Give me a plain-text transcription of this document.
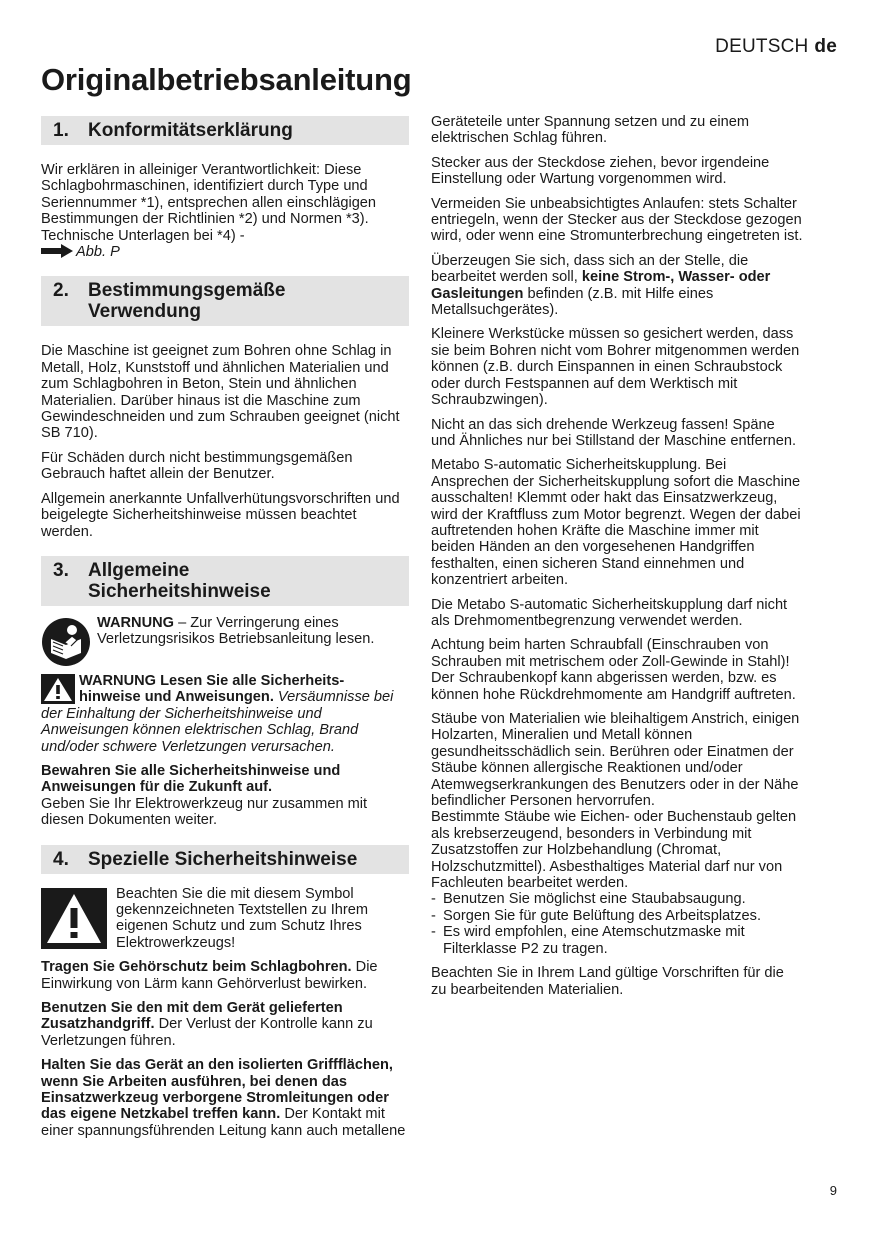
DEUTSCH de
Originalbetriebsanleitung
1.	Konformitätserklärung

Wir erklären in alleiniger Verantwortlichkeit: Diese Schlagbohrmaschinen, identifiziert durch Type und Seriennummer *1), entsprechen allen einschlägigen Bestimmungen der Richtlinien *2) und Normen *3). Technische Unterlagen bei *4) -
Abb. P

2.	Bestimmungsgemäße
Verwendung

Die Maschine ist geeignet zum Bohren ohne Schlag in Metall, Holz, Kunststoff und ähnlichen Materialien und zum Schlagbohren in Beton, Stein und ähnlichen Materialien. Darüber hinaus ist die Maschine zum Gewindeschneiden und zum Schrauben geeignet (nicht SB 710).

Für Schäden durch nicht bestimmungsgemäßen Gebrauch haftet allein der Benutzer.

Allgemein anerkannte Unfallverhütungsvorschriften und beigelegte Sicherheitshinweise müssen beachtet werden.

3.	Allgemeine
Sicherheitshinweise
WARNUNG – Zur Verringerung eines Verletzungsrisikos Betriebsanleitung lesen.

WARNUNG Lesen Sie alle Sicherheits- hinweise und Anweisungen. Versäumnisse bei der Einhaltung der Sicherheitshinweise und Anweisungen können elektrischen Schlag, Brand und/oder schwere Verletzungen verursachen.

Bewahren Sie alle Sicherheitshinweise und Anweisungen für die Zukunft auf.
Geben Sie Ihr Elektrowerkzeug nur zusammen mit diesen Dokumenten weiter.

4.	Spezielle Sicherheitshinweise
Beachten Sie die mit diesem Symbol gekennzeichneten Textstellen zu Ihrem eigenen Schutz und zum Schutz Ihres Elektrowerkzeugs!

Tragen Sie Gehörschutz beim Schlagbohren. Die Einwirkung von Lärm kann Gehörverlust bewirken.

Benutzen Sie den mit dem Gerät gelieferten Zusatzhandgriff. Der Verlust der Kontrolle kann zu Verletzungen führen.

Halten Sie das Gerät an den isolierten Griffflächen, wenn Sie Arbeiten ausführen, bei denen das Einsatzwerkzeug verborgene Stromleitungen oder das eigene Netzkabel treffen kann. Der Kontakt mit einer spannungsführenden Leitung kann auch metallene

Geräteteile unter Spannung setzen und zu einem elektrischen Schlag führen.

Stecker aus der Steckdose ziehen, bevor irgendeine Einstellung oder Wartung vorgenommen wird.

Vermeiden Sie unbeabsichtigtes Anlaufen: stets Schalter entriegeln, wenn der Stecker aus der Steckdose gezogen wird, oder wenn eine Stromunterbrechung eingetreten ist.

Überzeugen Sie sich, dass sich an der Stelle, die bearbeitet werden soll, keine Strom-, Wasser- oder Gasleitungen befinden (z.B. mit Hilfe eines Metallsuchgerätes).

Kleinere Werkstücke müssen so gesichert werden, dass sie beim Bohren nicht vom Bohrer mitgenommen werden können (z.B. durch Einspannen in einen Schraubstock oder durch Festspannen auf dem Werktisch mit Schraubzwingen).

Nicht an das sich drehende Werkzeug fassen! Späne und Ähnliches nur bei Stillstand der Maschine entfernen.

Metabo S-automatic Sicherheitskupplung. Bei Ansprechen der Sicherheitskupplung sofort die Maschine ausschalten! Klemmt oder hakt das Einsatzwerkzeug, wird der Kraftfluss zum Motor begrenzt. Wegen der dabei auftretenden hohen Kräfte die Maschine immer mit beiden Händen an den vorgesehenen Handgriffen festhalten, einen sicheren Stand einnehmen und konzentriert arbeiten.

Die Metabo S-automatic Sicherheitskupplung darf nicht als Drehmomentbegrenzung verwendet werden.

Achtung beim harten Schraubfall (Einschrauben von Schrauben mit metrischem oder Zoll-Gewinde in Stahl)! Der Schraubenkopf kann abgerissen werden, bzw. es können hohe Rückdrehmomente am Handgriff auftreten.

Stäube von Materialien wie bleihaltigem Anstrich, einigen Holzarten, Mineralien und Metall können gesundheitsschädlich sein. Berühren oder Einatmen der Stäube können allergische Reaktionen und/oder Atemwegserkrankungen des Benutzers oder in der Nähe befindlicher Personen hervorrufen.

Bestimmte Stäube wie Eichen- oder Buchenstaub gelten als krebserzeugend, besonders in Verbindung mit Zusatzstoffen zur Holzbehandlung (Chromat, Holzschutzmittel). Asbesthaltiges Material darf nur von Fachleuten bearbeitet werden.

- Benutzen Sie möglichst eine Staubabsaugung.
- Sorgen Sie für gute Belüftung des Arbeitsplatzes.
- Es wird empfohlen, eine Atemschutzmaske mit Filterklasse P2 zu tragen.

Beachten Sie in Ihrem Land gültige Vorschriften für die zu bearbeitenden Materialien.

9
